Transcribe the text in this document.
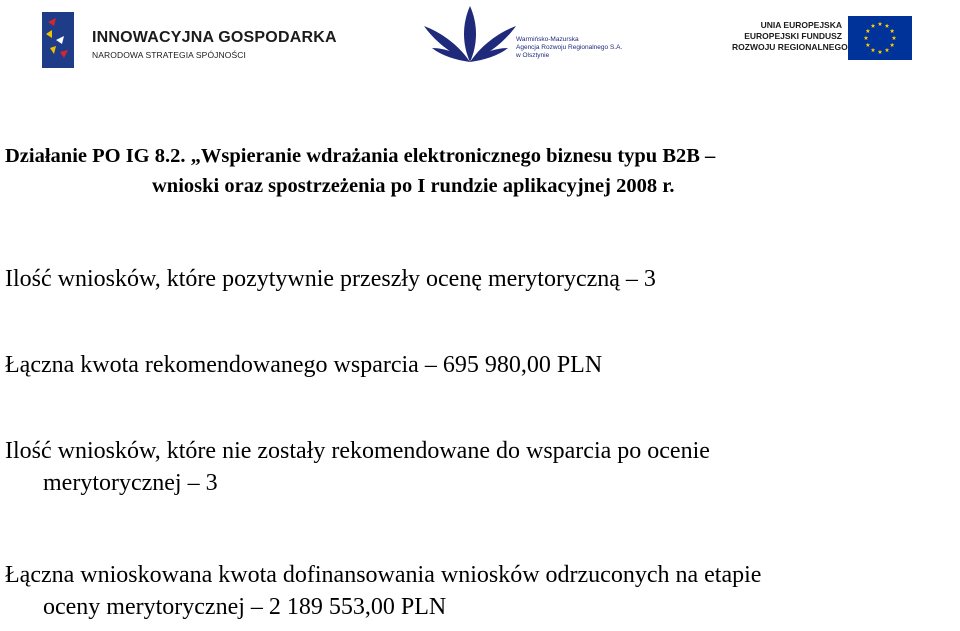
INNOWACYJNA GOSPODARKA
NARODOWA STRATEGIA SPÓJNOŚCI
Warmińsko-Mazurska
Agencja Rozwoju Regionalnego S.A.
w Olsztynie
UNIA EUROPEJSKA
EUROPEJSKI FUNDUSZ
ROZWOJU REGIONALNEGO
Działanie PO IG 8.2. „Wspieranie wdrażania elektronicznego biznesu typu B2B –
wnioski oraz spostrzeżenia po I rundzie aplikacyjnej 2008 r.
Ilość wniosków, które pozytywnie przeszły ocenę merytoryczną – 3
Łączna kwota rekomendowanego wsparcia – 695 980,00 PLN
Ilość wniosków, które nie zostały rekomendowane do wsparcia po ocenie
merytorycznej – 3
Łączna wnioskowana kwota dofinansowania wniosków odrzuconych na etapie
oceny merytorycznej – 2 189 553,00 PLN
